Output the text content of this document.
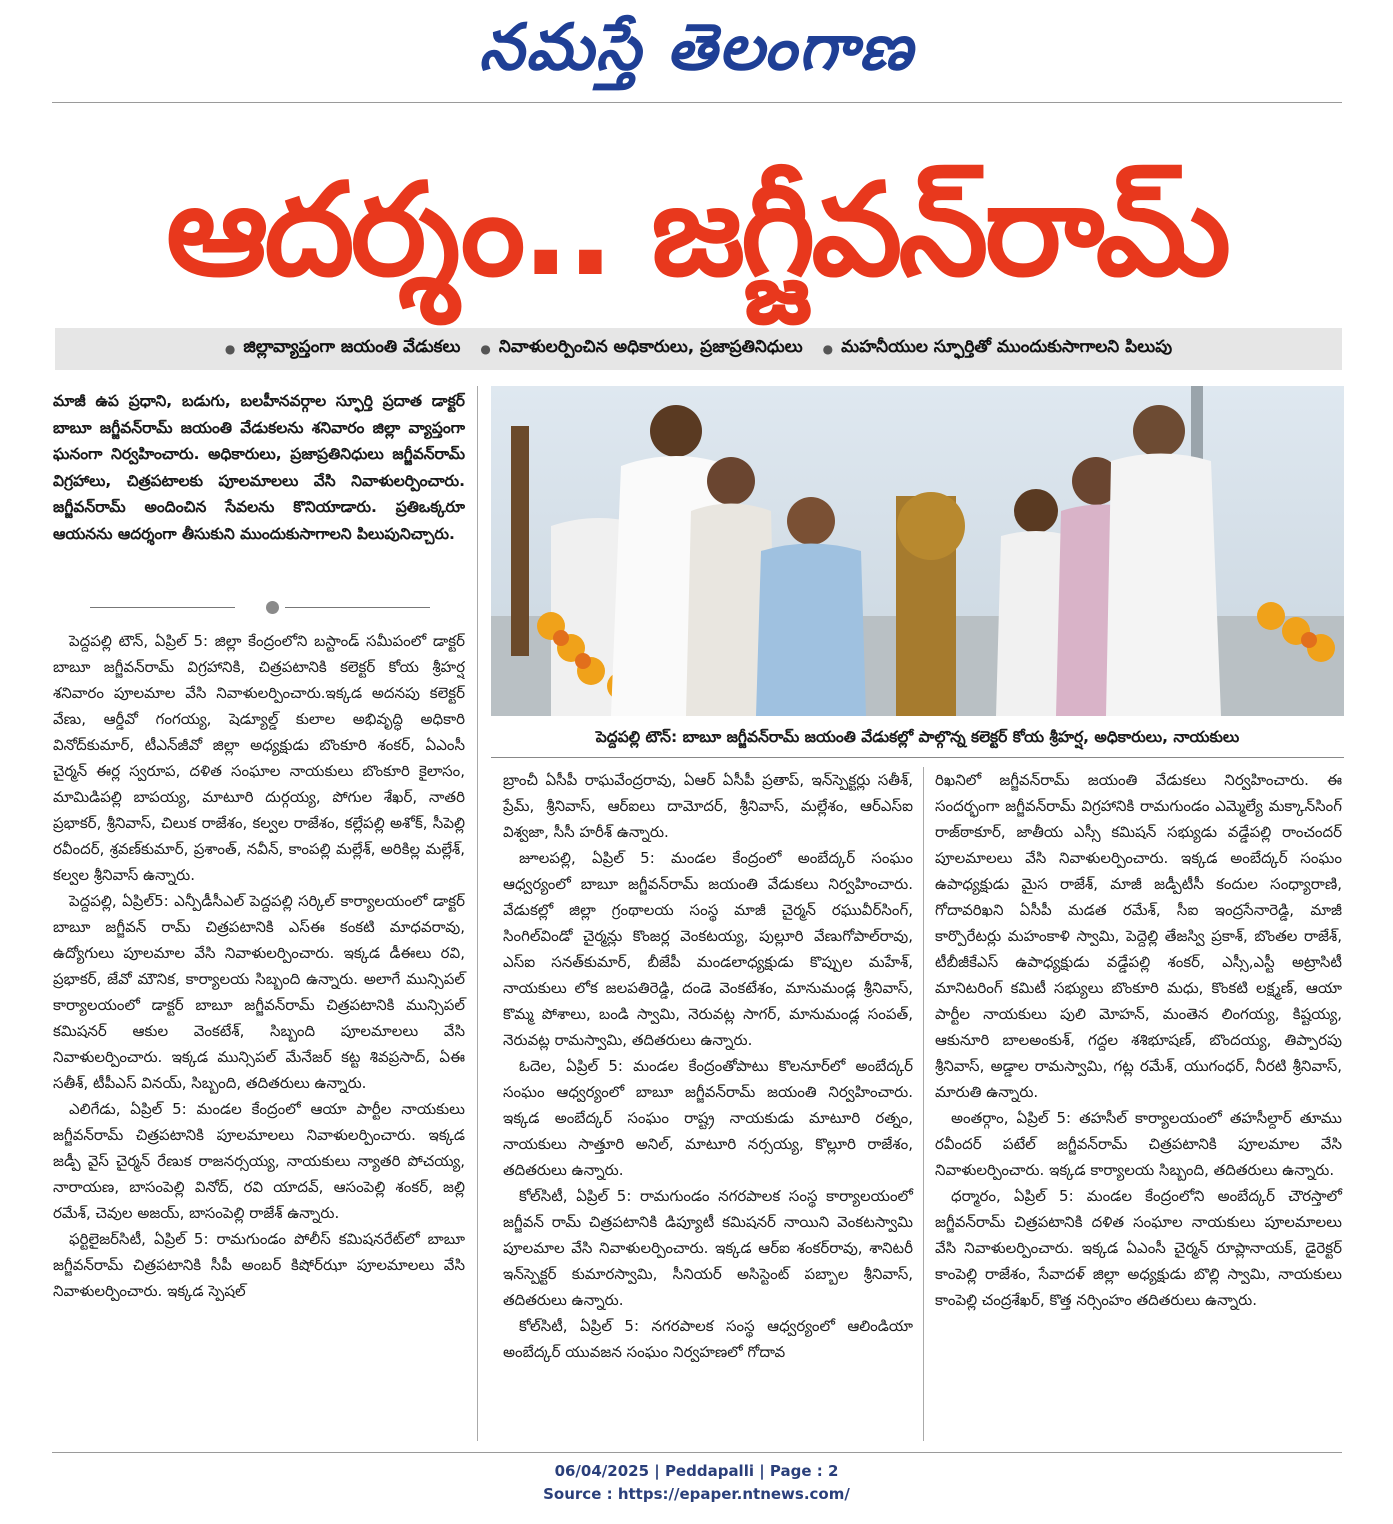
నమస్తే తెలంగాణ
ఆదర్శం.. జగ్జీవన్‌రామ్
● జిల్లావ్యాప్తంగా జయంతి వేడుకలు ● నివాళులర్పించిన అధికారులు, ప్రజాప్రతినిధులు ● మహనీయుల స్ఫూర్తితో ముందుకుసాగాలని పిలుపు
మాజీ ఉప ప్రధాని, బడుగు, బలహీనవర్గాల స్ఫూర్తి ప్రదాత డాక్టర్ బాబూ జగ్జీవన్‌రామ్ జయంతి వేడుకలను శనివారం జిల్లా వ్యాప్తంగా ఘనంగా నిర్వహించారు. అధికారులు, ప్రజాప్రతినిధులు జగ్జీవన్‌రామ్ విగ్రహాలు, చిత్రపటాలకు పూలమాలలు వేసి నివాళులర్పించారు. జగ్జీవన్‌రామ్ అందించిన సేవలను కొనియాడారు. ప్రతిఒక్కరూ ఆయనను ఆదర్శంగా తీసుకుని ముందుకుసాగాలని పిలుపునిచ్చారు.
పెద్దపల్లి టౌన్: బాబూ జగ్జీవన్‌రామ్ జయంతి వేడుకల్లో పాల్గొన్న కలెక్టర్ కోయ శ్రీహర్ష, అధికారులు, నాయకులు

పెద్దపల్లి టౌన్, ఏప్రిల్ 5: జిల్లా కేంద్రంలోని బస్టాండ్ సమీపంలో డాక్టర్ బాబూ జగ్జీవన్‌రామ్ విగ్రహానికి, చిత్రపటానికి కలెక్టర్ కోయ శ్రీహర్ష శనివారం పూలమాల వేసి నివాళులర్పించారు.ఇక్కడ అదనపు కలెక్టర్ వేణు, ఆర్డీవో గంగయ్య, షెడ్యూల్డ్ కులాల అభివృద్ధి అధికారి వినోద్‌కుమార్, టీఎన్‌జీవో జిల్లా అధ్యక్షుడు బొంకూరి శంకర్, ఏఎంసీ చైర్మన్ ఈర్ల స్వరూప, దళిత సంఘాల నాయకులు బొంకూరి కైలాసం, మామిడిపల్లి బాపయ్య, మాటూరి దుర్గయ్య, పోగుల శేఖర్, నాతరి ప్రభాకర్, శ్రీనివాస్, చిలుక రాజేశం, కల్వల రాజేశం, కల్లేపల్లి అశోక్, సీపెల్లి రవీందర్, శ్రవణ్‌కుమార్, ప్రశాంత్, నవీన్, కాంపల్లి మల్లేశ్, అరికిల్ల మల్లేశ్, కల్వల శ్రీనివాస్ ఉన్నారు.

పెద్దపల్లి, ఏప్రిల్5: ఎన్పీడీసీఎల్ పెద్దపల్లి సర్కిల్ కార్యాలయంలో డాక్టర్ బాబూ జగ్జీవన్ రామ్ చిత్రపటానికి ఎస్ఈ కంకటి మాధవరావు, ఉద్యోగులు పూలమాల వేసి నివాళులర్పించారు. ఇక్కడ డీఈలు రవి, ప్రభాకర్, జేవో మౌనిక, కార్యాలయ సిబ్బంది ఉన్నారు. అలాగే మున్సిపల్ కార్యాలయంలో డాక్టర్ బాబూ జగ్జీవన్‌రామ్ చిత్రపటానికి మున్సిపల్ కమిషనర్ ఆకుల వెంకటేశ్, సిబ్బంది పూలమాలలు వేసి నివాళులర్పించారు. ఇక్కడ మున్సిపల్ మేనేజర్ కట్ట శివప్రసాద్, ఏఈ సతీశ్, టీపీఎస్ వినయ్, సిబ్బంది, తదితరులు ఉన్నారు.

ఎలిగేడు, ఏప్రిల్ 5: మండల కేంద్రంలో ఆయా పార్టీల నాయకులు జగ్జీవన్‌రామ్ చిత్రపటానికి పూలమాలలు నివాళులర్పించారు. ఇక్కడ జడ్పీ వైస్ చైర్మన్ రేణుక రాజనర్సయ్య, నాయకులు న్యాతరి పోచయ్య, నారాయణ, బాసంపెల్లి వినోద్, రవి యాదవ్, ఆసంపెల్లి శంకర్, జల్లి రమేశ్, చెవుల అజయ్, బాసంపెల్లి రాజేశ్ ఉన్నారు.

ఫర్టిలైజర్‌సిటీ, ఏప్రిల్ 5: రామగుండం పోలీస్ కమిషనరేట్‌లో బాబూ జగ్జీవన్‌రామ్ చిత్రపటానికి సీపీ అంబర్ కిషోర్‌ఝా పూలమాలలు వేసి నివాళులర్పించారు. ఇక్కడ స్పెషల్

బ్రాంచీ ఏసీపీ రాఘవేంద్రరావు, ఏఆర్ ఏసీపీ ప్రతాప్, ఇన్‌స్పెక్టర్లు సతీశ్, ప్రేమ్, శ్రీనివాస్, ఆర్ఐలు దామోదర్, శ్రీనివాస్, మల్లేశం, ఆర్ఎస్ఐ విశ్వజా, సీసీ హరీశ్ ఉన్నారు.

జూలపల్లి, ఏప్రిల్ 5: మండల కేంద్రంలో అంబేద్కర్ సంఘం ఆధ్వర్యంలో బాబూ జగ్జీవన్‌రామ్ జయంతి వేడుకలు నిర్వహించారు. వేడుకల్లో జిల్లా గ్రంథాలయ సంస్థ మాజీ చైర్మన్ రఘువీర్‌సింగ్, సింగిల్‌విండో చైర్మన్లు కొంజర్ల వెంకటయ్య, పుల్లూరి వేణుగోపాల్‌రావు, ఎస్ఐ సనత్‌కుమార్, బీజేపీ మండలాధ్యక్షుడు కొప్పుల మహేశ్, నాయకులు లోక జలపతిరెడ్డి, దండె వెంకటేశం, మానుమండ్ల శ్రీనివాస్, కొమ్మ పోశాలు, బండి స్వామి, నెరువట్ల సాగర్, మానుమండ్ల సంపత్, నెరువట్ల రామస్వామి, తదితరులు ఉన్నారు.

ఓదెల, ఏప్రిల్ 5: మండల కేంద్రంతోపాటు కొలనూర్‌లో అంబేద్కర్ సంఘం ఆధ్వర్యంలో బాబూ జగ్జీవన్‌రామ్ జయంతి నిర్వహించారు. ఇక్కడ అంబేద్కర్ సంఘం రాష్ట్ర నాయకుడు మాటూరి రత్నం, నాయకులు సాత్తూరి అనిల్, మాటూరి నర్సయ్య, కొల్లూరి రాజేశం, తదితరులు ఉన్నారు.

కోల్‌సిటీ, ఏప్రిల్ 5: రామగుండం నగరపాలక సంస్థ కార్యాలయంలో జగ్జీవన్ రామ్ చిత్రపటానికి డిప్యూటీ కమిషనర్ నాయిని వెంకటస్వామి పూలమాల వేసి నివాళులర్పించారు. ఇక్కడ ఆర్ఐ శంకర్‌రావు, శానిటరీ ఇన్‌స్పెక్టర్ కుమారస్వామి, సీనియర్ అసిస్టెంట్ పబ్బాల శ్రీనివాస్, తదితరులు ఉన్నారు.

కోల్‌సిటీ, ఏప్రిల్ 5: నగరపాలక సంస్థ ఆధ్వర్యంలో ఆలిండియా అంబేద్కర్ యువజన సంఘం నిర్వహణలో గోదావ

రిఖనిలో జగ్జీవన్‌రామ్ జయంతి వేడుకలు నిర్వహించారు. ఈ సందర్భంగా జగ్జీవన్‌రామ్ విగ్రహానికి రామగుండం ఎమ్మెల్యే మక్కాన్‌సింగ్ రాజ్‌ఠాకూర్, జాతీయ ఎస్సీ కమిషన్ సభ్యుడు వడ్డేపల్లి రాంచందర్ పూలమాలలు వేసి నివాళులర్పించారు. ఇక్కడ అంబేద్కర్ సంఘం ఉపాధ్యక్షుడు మైస రాజేశ్, మాజీ జడ్పీటీసీ కందుల సంధ్యారాణి, గోదావరిఖని ఏసీపీ మడత రమేశ్, సీఐ ఇంద్రసేనారెడ్డి, మాజీ కార్పొరేటర్లు మహంకాళి స్వామి, పెద్దెల్లి తేజస్వి ప్రకాశ్, బొంతల రాజేశ్, టీబీజీకేఎస్ ఉపాధ్యక్షుడు వడ్డేపల్లి శంకర్, ఎస్సీ,ఎస్టీ అట్రాసిటీ మానిటరింగ్ కమిటీ సభ్యులు బొంకూరి మధు, కొంకటి లక్ష్మణ్, ఆయా పార్టీల నాయకులు పులి మోహన్, మంతెన లింగయ్య, కిష్టయ్య, ఆకునూరి బాలఅంకుశ్, గద్దల శశిభూషణ్, బొందయ్య, తిప్పారపు శ్రీనివాస్, అడ్డాల రామస్వామి, గట్ల రమేశ్, యుగంధర్, నీరటి శ్రీనివాస్, మారుతి ఉన్నారు.

అంతర్గాం, ఏప్రిల్ 5: తహసీల్ కార్యాలయంలో తహసీల్దార్ తూము రవీందర్ పటేల్ జగ్జీవన్‌రామ్ చిత్రపటానికి పూలమాల వేసి నివాళులర్పించారు. ఇక్కడ కార్యాలయ సిబ్బంది, తదితరులు ఉన్నారు.

ధర్మారం, ఏప్రిల్ 5: మండల కేంద్రంలోని అంబేద్కర్ చౌరస్తాలో జగ్జీవన్‌రామ్ చిత్రపటానికి దళిత సంఘాల నాయకులు పూలమాలలు వేసి నివాళులర్పించారు. ఇక్కడ ఏఎంసీ చైర్మన్ రూప్లానాయక్, డైరెక్టర్ కాంపెల్లి రాజేశం, సేవాదళ్ జిల్లా అధ్యక్షుడు బొల్లి స్వామి, నాయకులు కాంపెల్లి చంద్రశేఖర్, కొత్త నర్సింహం తదితరులు ఉన్నారు.

06/04/2025 | Peddapalli | Page : 2
Source : https://epaper.ntnews.com/
